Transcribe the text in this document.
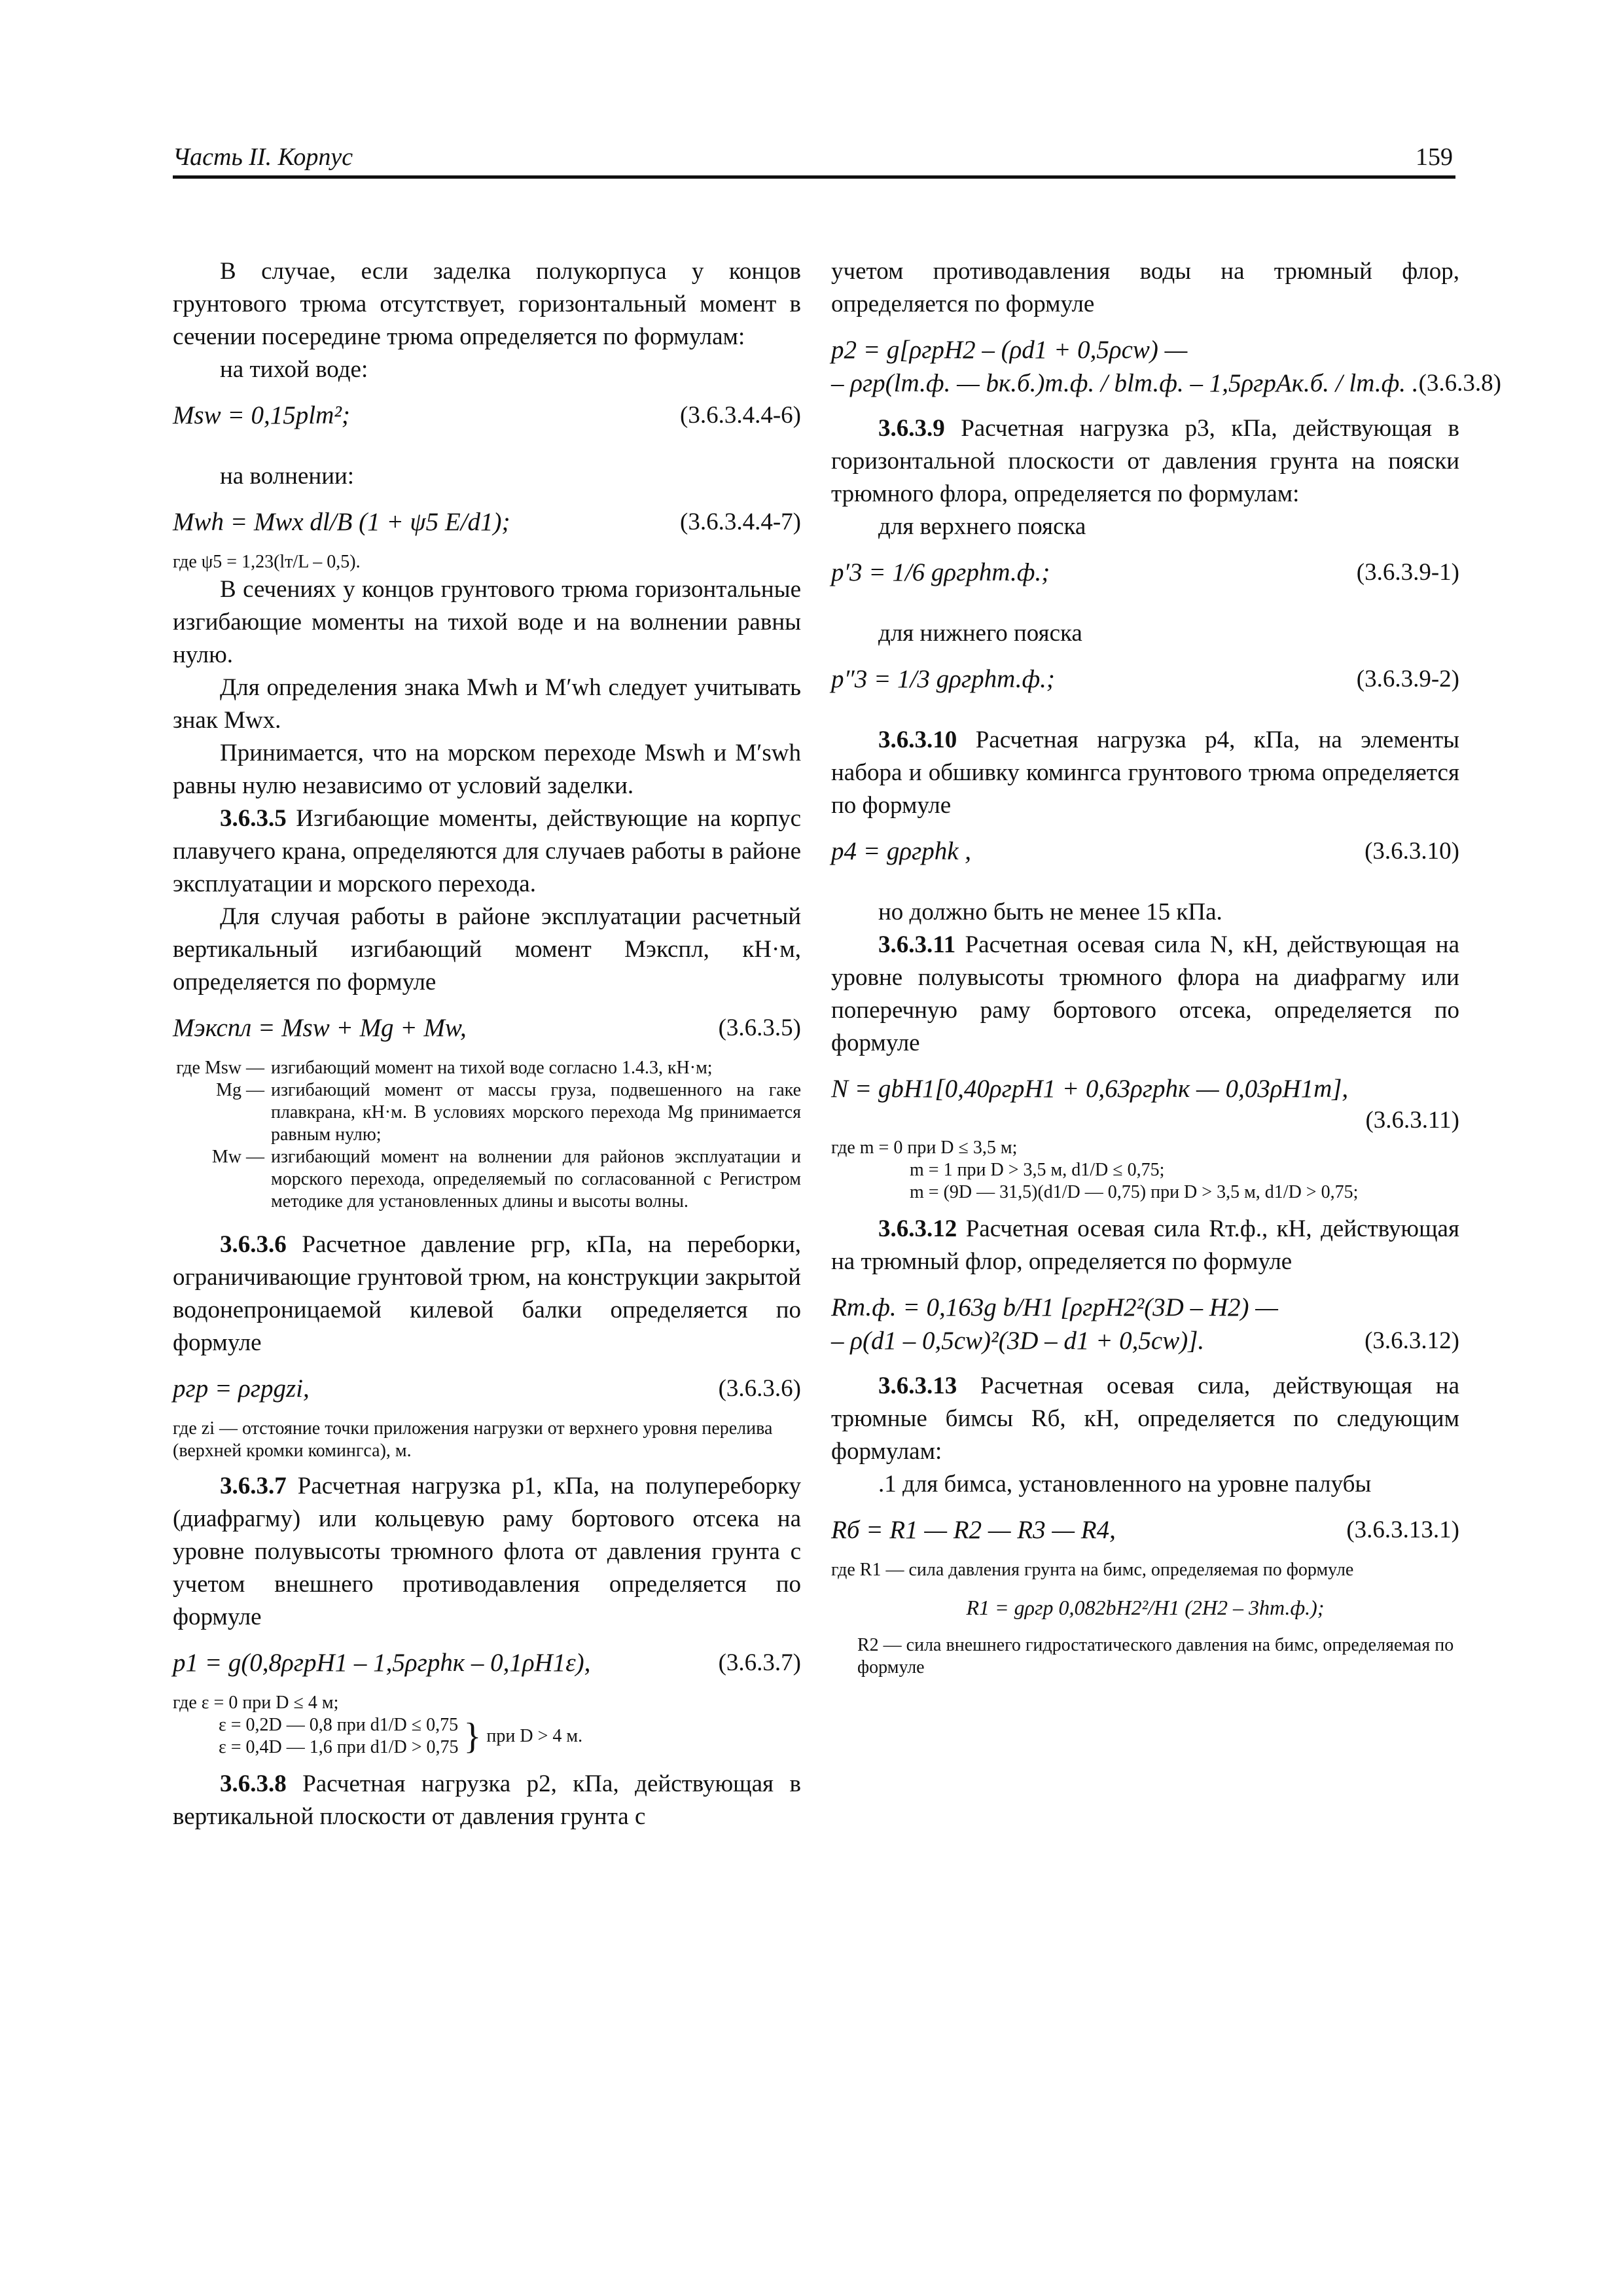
Часть II. Корпус	159

В случае, если заделка полукорпуса у концов грунтового трюма отсутствует, горизонтальный момент в сечении посередине трюма определяется по формулам:

на тихой воде:

Msw = 0,15plт²;	(3.6.3.4.4-6)

на волнении:

Mwh = Mwx dl/B (1 + ψ5 E/d1);	(3.6.3.4.4-7)
где ψ5 = 1,23(lт/L – 0,5).

В сечениях у концов грунтового трюма горизонтальные изгибающие моменты на тихой воде и на волнении равны нулю.

Для определения знака Mwh и M′wh следует учитывать знак Mwx.

Принимается, что на морском переходе Mswh и M′swh равны нулю независимо от условий заделки.

3.6.3.5 Изгибающие моменты, действующие на корпус плавучего крана, определяются для случаев работы в районе эксплуатации и морского перехода.

Для случая работы в районе эксплуатации расчетный вертикальный изгибающий момент Mэкспл, кН·м, определяется по формуле

Mэкспл = Msw + Mg + Mw,	(3.6.3.5)
где Msw — изгибающий момент на тихой воде согласно 1.4.3, кН·м;
Mg — изгибающий момент от массы груза, подвешенного на гаке плавкрана, кН·м. В условиях морского перехода Mg принимается равным нулю;
Mw — изгибающий момент на волнении для районов эксплуатации и морского перехода, определяемый по согласованной с Регистром методике для установленных длины и высоты волны.

3.6.3.6 Расчетное давление pгр, кПа, на переборки, ограничивающие грунтовой трюм, на конструкции закрытой водонепроницаемой килевой балки определяется по формуле

pгр = ρгрgzi,	(3.6.3.6)
где zi — отстояние точки приложения нагрузки от верхнего уровня перелива (верхней кромки комингса), м.

3.6.3.7 Расчетная нагрузка p1, кПа, на полупереборку (диафрагму) или кольцевую раму бортового отсека на уровне полувысоты трюмного флота от давления грунта с учетом внешнего противодавления определяется по формуле

p1 = g(0,8ρгрH1 – 1,5ρгрhк – 0,1ρH1ε),	(3.6.3.7)
где ε = 0 при D ≤ 4 м;
ε = 0,2D — 0,8 при d1/D ≤ 0,75
ε = 0,4D — 1,6 при d1/D > 0,75 } при D > 4 м.

3.6.3.8 Расчетная нагрузка p2, кПа, действующая в вертикальной плоскости от давления грунта с

учетом противодавления воды на трюмный флор, определяется по формуле

p2 = g[ρгрH2 – (ρd1 + 0,5ρcw) —
– ρгр(lт.ф. — bк.б.)т.ф. / blт.ф. – 1,5ρгрAк.б. / lт.ф. . (3.6.3.8)

3.6.3.9 Расчетная нагрузка p3, кПа, действующая в горизонтальной плоскости от давления грунта на пояски трюмного флора, определяется по формулам:

для верхнего пояска

p′3 = 1/6 gρгрhт.ф.;	(3.6.3.9-1)

для нижнего пояска

p″3 = 1/3 gρгрhт.ф.;	(3.6.3.9-2)

3.6.3.10 Расчетная нагрузка p4, кПа, на элементы набора и обшивку комингса грунтового трюма определяется по формуле

p4 = gρгрhk ,	(3.6.3.10)

но должно быть не менее 15 кПа.

3.6.3.11 Расчетная осевая сила N, кН, действующая на уровне полувысоты трюмного флора на диафрагму или поперечную раму бортового отсека, определяется по формуле

N = gbH1[0,40ρгрH1 + 0,63ρгрhк — 0,03ρH1m],
(3.6.3.11)
где m = 0 при D ≤ 3,5 м;
m = 1 при D > 3,5 м, d1/D ≤ 0,75;
m = (9D — 31,5)(d1/D — 0,75) при D > 3,5 м, d1/D > 0,75;

3.6.3.12 Расчетная осевая сила Rт.ф., кН, действующая на трюмный флор, определяется по формуле

Rт.ф. = 0,163g b/H1 [ρгрH2²(3D – H2) —
– ρ(d1 – 0,5cw)²(3D – d1 + 0,5cw)].	(3.6.3.12)

3.6.3.13 Расчетная осевая сила, действующая на трюмные бимсы Rб, кН, определяется по следующим формулам:

.1 для бимса, установленного на уровне палубы

Rб = R1 — R2 — R3 — R4,	(3.6.3.13.1)
где R1 — сила давления грунта на бимс, определяемая по формуле
R1 = gρгр 0,082bH2²/H1 (2H2 – 3hт.ф.);
R2 — сила внешнего гидростатического давления на бимс, определяемая по формуле
